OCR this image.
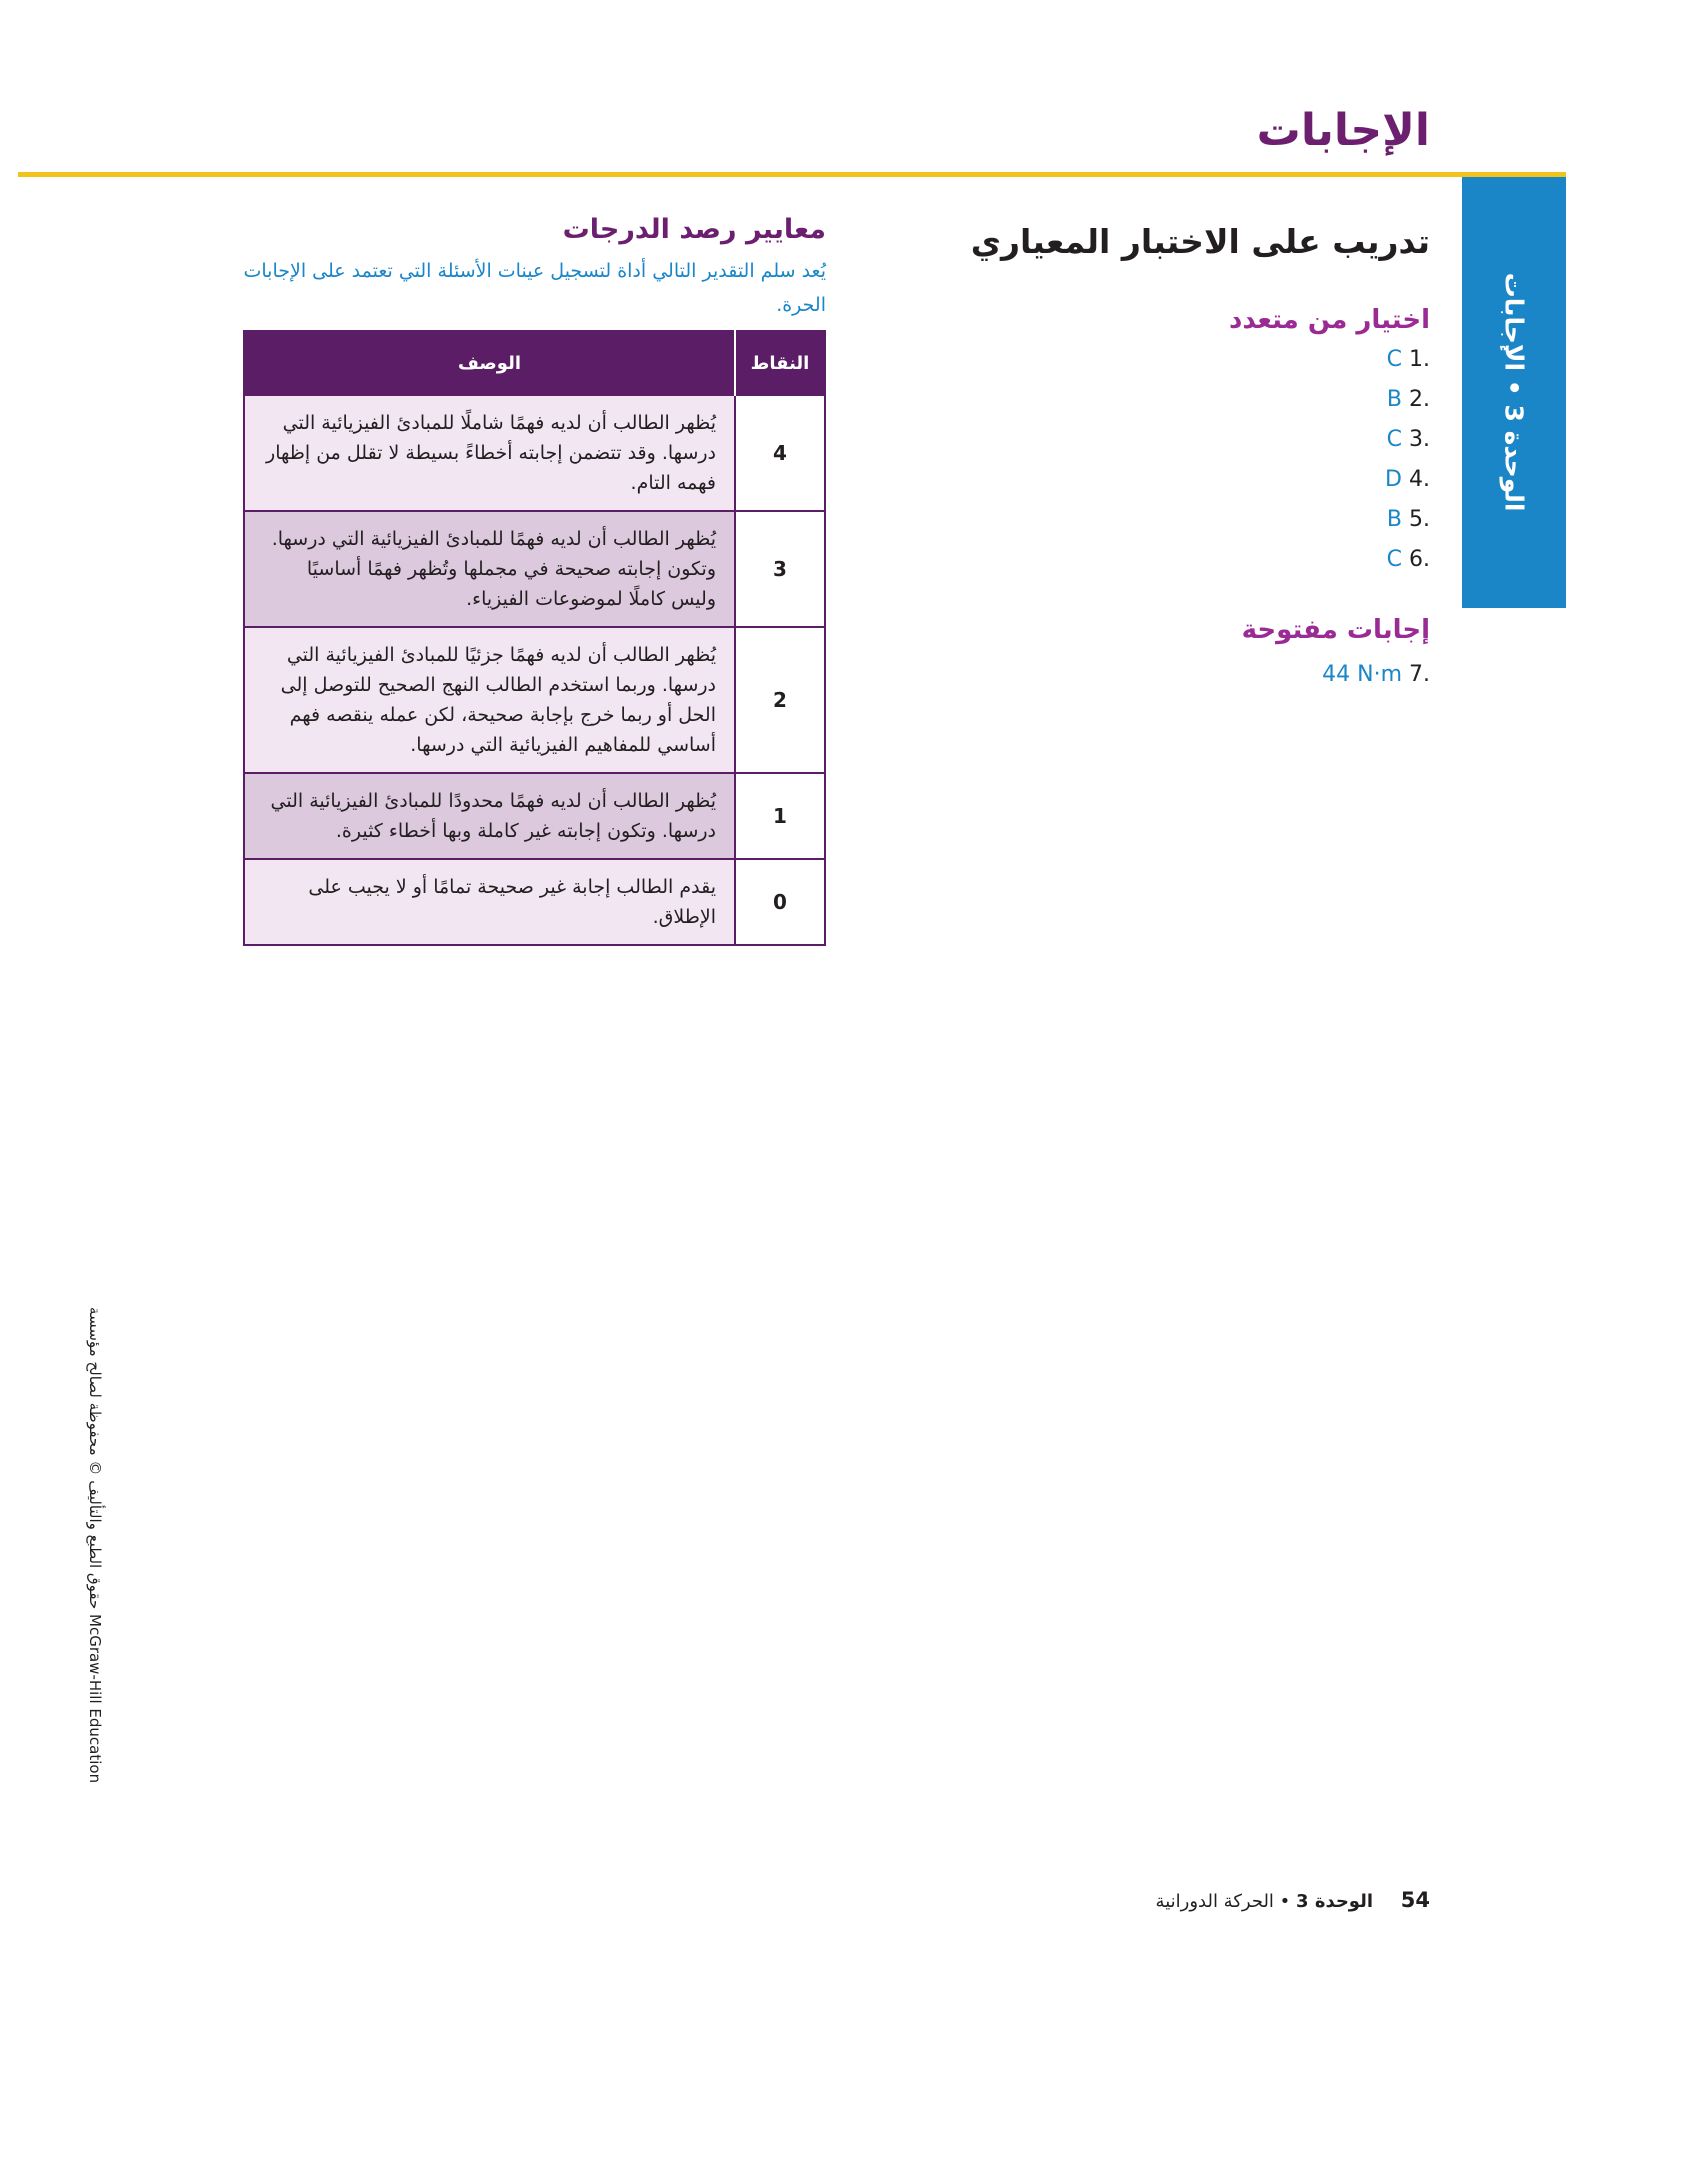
الإجابات
الوحدة 3 • الإجابات
تدريب على الاختبار المعياري
اختيار من متعدد
.1 C
.2 B
.3 C
.4 D
.5 B
.6 C
إجابات مفتوحة
.7 44 N·m
معايير رصد الدرجات
يُعد سلم التقدير التالي أداة لتسجيل عينات الأسئلة التي تعتمد على الإجابات الحرة.
النقاط	الوصف
4	يُظهر الطالب أن لديه فهمًا شاملًا للمبادئ الفيزيائية التي درسها. وقد تتضمن إجابته أخطاءً بسيطة لا تقلل من إظهار فهمه التام.
3	يُظهر الطالب أن لديه فهمًا للمبادئ الفيزيائية التي درسها. وتكون إجابته صحيحة في مجملها وتُظهر فهمًا أساسيًا وليس كاملًا لموضوعات الفيزياء.
2	يُظهر الطالب أن لديه فهمًا جزئيًا للمبادئ الفيزيائية التي درسها. وربما استخدم الطالب النهج الصحيح للتوصل إلى الحل أو ربما خرج بإجابة صحيحة، لكن عمله ينقصه فهم أساسي للمفاهيم الفيزيائية التي درسها.
1	يُظهر الطالب أن لديه فهمًا محدودًا للمبادئ الفيزيائية التي درسها. وتكون إجابته غير كاملة وبها أخطاء كثيرة.
0	يقدم الطالب إجابة غير صحيحة تمامًا أو لا يجيب على الإطلاق.
حقوق الطبع والتأليف © محفوظة لصالح مؤسسة McGraw-Hill Education
54 الوحدة 3 • الحركة الدورانية
